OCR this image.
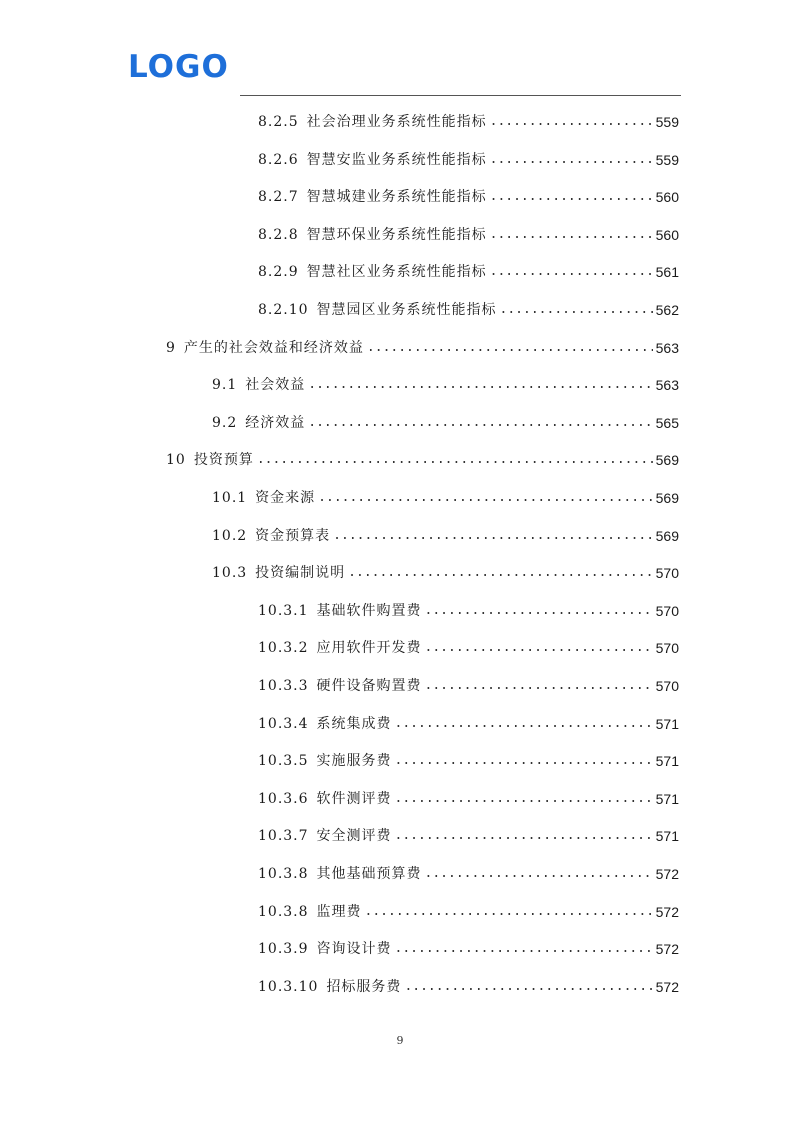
LOGO
8.2.5 社会治理业务系统性能指标 .....	559
8.2.6 智慧安监业务系统性能指标 .....	559
8.2.7 智慧城建业务系统性能指标 .....	560
8.2.8 智慧环保业务系统性能指标 .....	560
8.2.9 智慧社区业务系统性能指标 .....	561
8.2.10 智慧园区业务系统性能指标 .....	562
9 产生的社会效益和经济效益 .....	563
9.1 社会效益 .....	563
9.2 经济效益 .....	565
10 投资预算 .....	569
10.1 资金来源 .....	569
10.2 资金预算表 .....	569
10.3 投资编制说明 .....	570
10.3.1 基础软件购置费 .....	570
10.3.2 应用软件开发费 .....	570
10.3.3 硬件设备购置费 .....	570
10.3.4 系统集成费 .....	571
10.3.5 实施服务费 .....	571
10.3.6 软件测评费 .....	571
10.3.7 安全测评费 .....	571
10.3.8 其他基础预算费 .....	572
10.3.8 监理费 .....	572
10.3.9 咨询设计费 .....	572
10.3.10 招标服务费 .....	572
9
